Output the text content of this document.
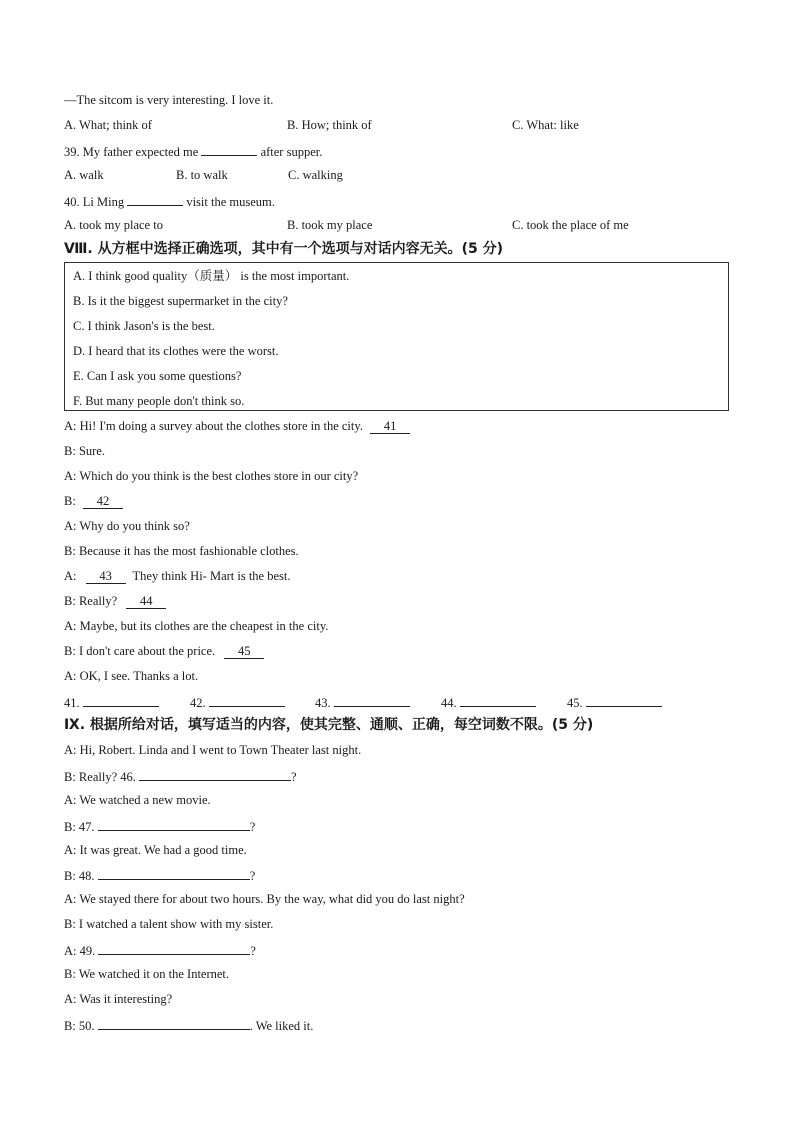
—The sitcom is very interesting. I love it.
A. What; think of	B. How; think of	C. What: like
39. My father expected me	after supper.
A. walk	B. to walk	C. walking
40. Li Ming	visit the museum.
A. took my place to	B. took my place	C. took the place of me
Ⅷ. 从方框中选择正确选项，其中有一个选项与对话内容无关。(5 分)
A. I think good quality（质量） is the most important.
B. Is it the biggest supermarket in the city?
C. I think Jason's is the best.
D. I heard that its clothes were the worst.
E. Can I ask you some questions?
F. But many people don't think so.
A: Hi! I'm doing a survey about the clothes store in the city. 41
B: Sure.
A: Which do you think is the best clothes store in our city?
B: 42
A: Why do you think so?
B: Because it has the most fashionable clothes.
A: 43 They think Hi- Mart is the best.
B: Really? 44
A: Maybe, but its clothes are the cheapest in the city.
B: I don't care about the price. 45
A: OK, I see. Thanks a lot.
41.	42.	43.	44.	45.
Ⅸ. 根据所给对话，填写适当的内容，使其完整、通顺、正确，每空词数不限。(5 分)
A: Hi, Robert. Linda and I went to Town Theater last night.
B: Really? 46.	?
A: We watched a new movie.
B: 47.	?
A: It was great. We had a good time.
B: 48.	?
A: We stayed there for about two hours. By the way, what did you do last night?
B: I watched a talent show with my sister.
A: 49.	?
B: We watched it on the Internet.
A: Was it interesting?
B: 50.	. We liked it.
